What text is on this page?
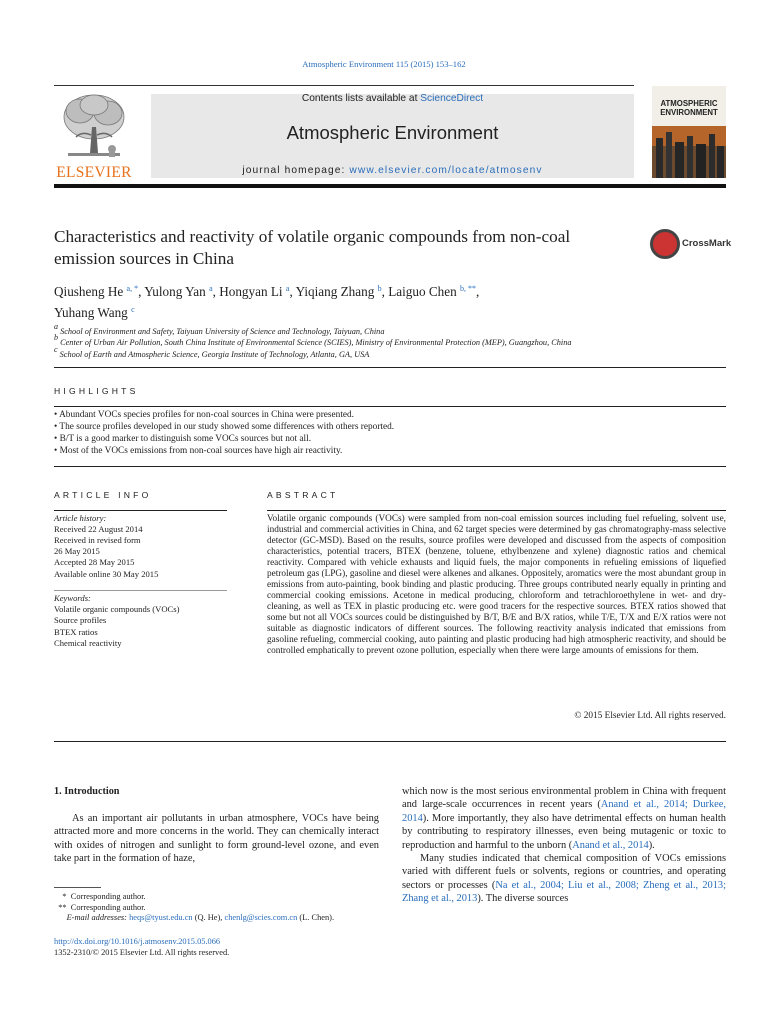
Atmospheric Environment 115 (2015) 153–162
ELSEVIER
Contents lists available at ScienceDirect
Atmospheric Environment
journal homepage: www.elsevier.com/locate/atmosenv
ATMOSPHERIC
ENVIRONMENT
Characteristics and reactivity of volatile organic compounds from non-coal emission sources in China
CrossMark
Qiusheng He $^{a, *}$, Yulong Yan $^a$, Hongyan Li $^a$, Yiqiang Zhang $^b$, Laiguo Chen $^{b, **}$,
Yuhang Wang $^c$
$^a$ School of Environment and Safety, Taiyuan University of Science and Technology, Taiyuan, China
$^b$ Center of Urban Air Pollution, South China Institute of Environmental Science (SCIES), Ministry of Environmental Protection (MEP), Guangzhou, China
$^c$ School of Earth and Atmospheric Science, Georgia Institute of Technology, Atlanta, GA, USA
HIGHLIGHTS
• Abundant VOCs species profiles for non-coal sources in China were presented.
• The source profiles developed in our study showed some differences with others reported.
• B/T is a good marker to distinguish some VOCs sources but not all.
• Most of the VOCs emissions from non-coal sources have high air reactivity.
ARTICLE INFO
Article history:
Received 22 August 2014
Received in revised form
26 May 2015
Accepted 28 May 2015
Available online 30 May 2015
Keywords:
Volatile organic compounds (VOCs)
Source profiles
BTEX ratios
Chemical reactivity
ABSTRACT
Volatile organic compounds (VOCs) were sampled from non-coal emission sources including fuel refueling, solvent use, industrial and commercial activities in China, and 62 target species were determined by gas chromatography-mass selective detector (GC-MSD). Based on the results, source profiles were developed and discussed from the aspects of composition characteristics, potential tracers, BTEX (benzene, toluene, ethylbenzene and xylene) diagnostic ratios and chemical reactivity. Compared with vehicle exhausts and liquid fuels, the major components in refueling emissions of liquefied petroleum gas (LPG), gasoline and diesel were alkenes and alkanes. Oppositely, aromatics were the most abundant group in emissions from auto-painting, book binding and plastic producing. Three groups contributed nearly equally in printing and commercial cooking emissions. Acetone in medical producing, chloroform and tetrachloroethylene in wet- and dry-cleaning, as well as TEX in plastic producing etc. were good tracers for the respective sources. BTEX ratios showed that some but not all VOCs sources could be distinguished by B/T, B/E and B/X ratios, while T/E, T/X and E/X ratios were not suitable as diagnostic indicators of different sources. The following reactivity analysis indicated that emissions from gasoline refueling, commercial cooking, auto painting and plastic producing had high atmospheric reactivity, and should be controlled emphatically to prevent ozone pollution, especially when there were large amounts of emissions for them.
© 2015 Elsevier Ltd. All rights reserved.
1. Introduction
As an important air pollutants in urban atmosphere, VOCs have being attracted more and more concerns in the world. They can chemically interact with oxides of nitrogen and sunlight to form ground-level ozone, and even take part in the formation of haze,

which now is the most serious environmental problem in China with frequent and large-scale occurrences in recent years (Anand et al., 2014; Durkee, 2014). More importantly, they also have detrimental effects on human health by contributing to respiratory illnesses, even being mutagenic or toxic to reproduction and harmful to the unborn (Anand et al., 2014).

Many studies indicated that chemical composition of VOCs emissions varied with different fuels or solvents, regions or countries, and operating sectors or processes (Na et al., 2004; Liu et al., 2008; Zheng et al., 2013; Zhang et al., 2013). The diverse sources

*  Corresponding author.
**  Corresponding author.
E-mail addresses: heqs@tyust.edu.cn (Q. He), chenlg@scies.com.cn (L. Chen).
http://dx.doi.org/10.1016/j.atmosenv.2015.05.066
1352-2310/© 2015 Elsevier Ltd. All rights reserved.
